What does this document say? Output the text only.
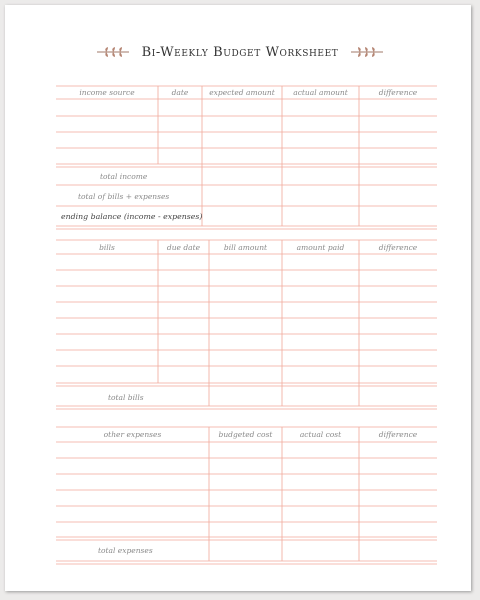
Bi-Weekly Budget Worksheet
income source	date	expected amount	actual amount	difference
total income
total of bills + expenses
ending balance (income - expenses)
bills	due date	bill amount	amount paid	difference
total bills
other expenses	budgeted cost	actual cost	difference
total expenses
